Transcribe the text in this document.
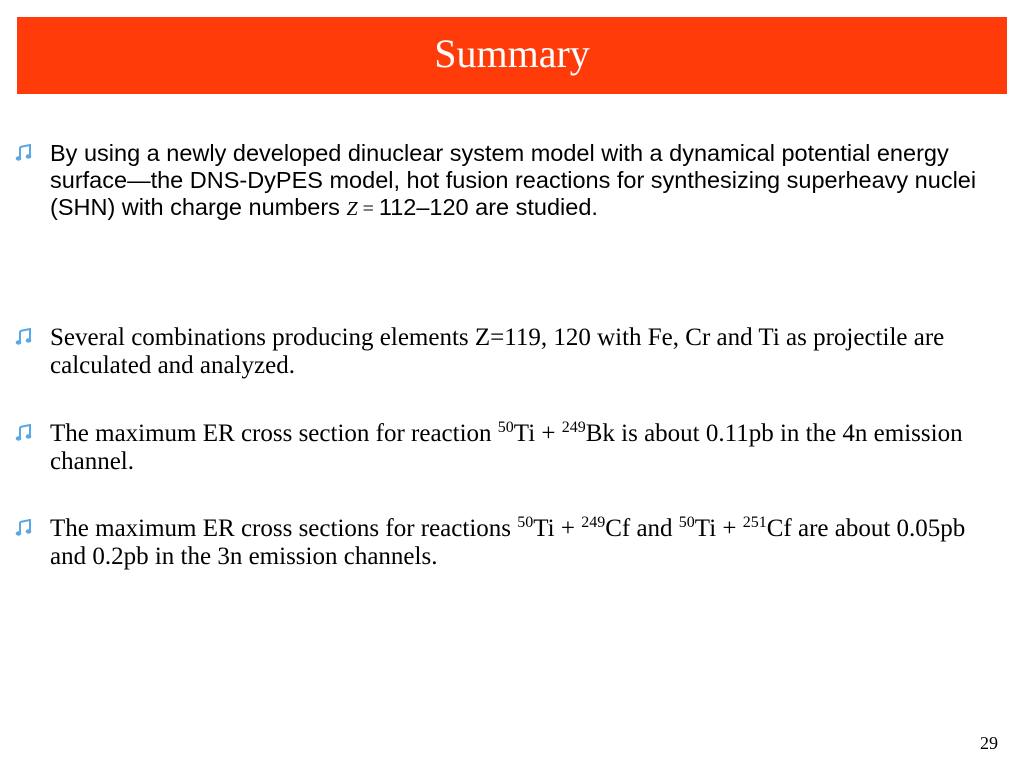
Summary
By using a newly developed dinuclear system model with a dynamical potential energy surface—the DNS-DyPES model, hot fusion reactions for synthesizing superheavy nuclei (SHN) with charge numbers Z = 112–120 are studied.
Several combinations producing elements Z=119, 120 with Fe, Cr and Ti as projectile are calculated and analyzed.
The maximum ER cross section for reaction $^{50}$Ti + $^{249}$Bk is about 0.11pb in the 4n emission channel.
The maximum ER cross sections for reactions $^{50}$Ti + $^{249}$Cf and $^{50}$Ti + $^{251}$Cf are about 0.05pb and 0.2pb in the 3n emission channels.
29
